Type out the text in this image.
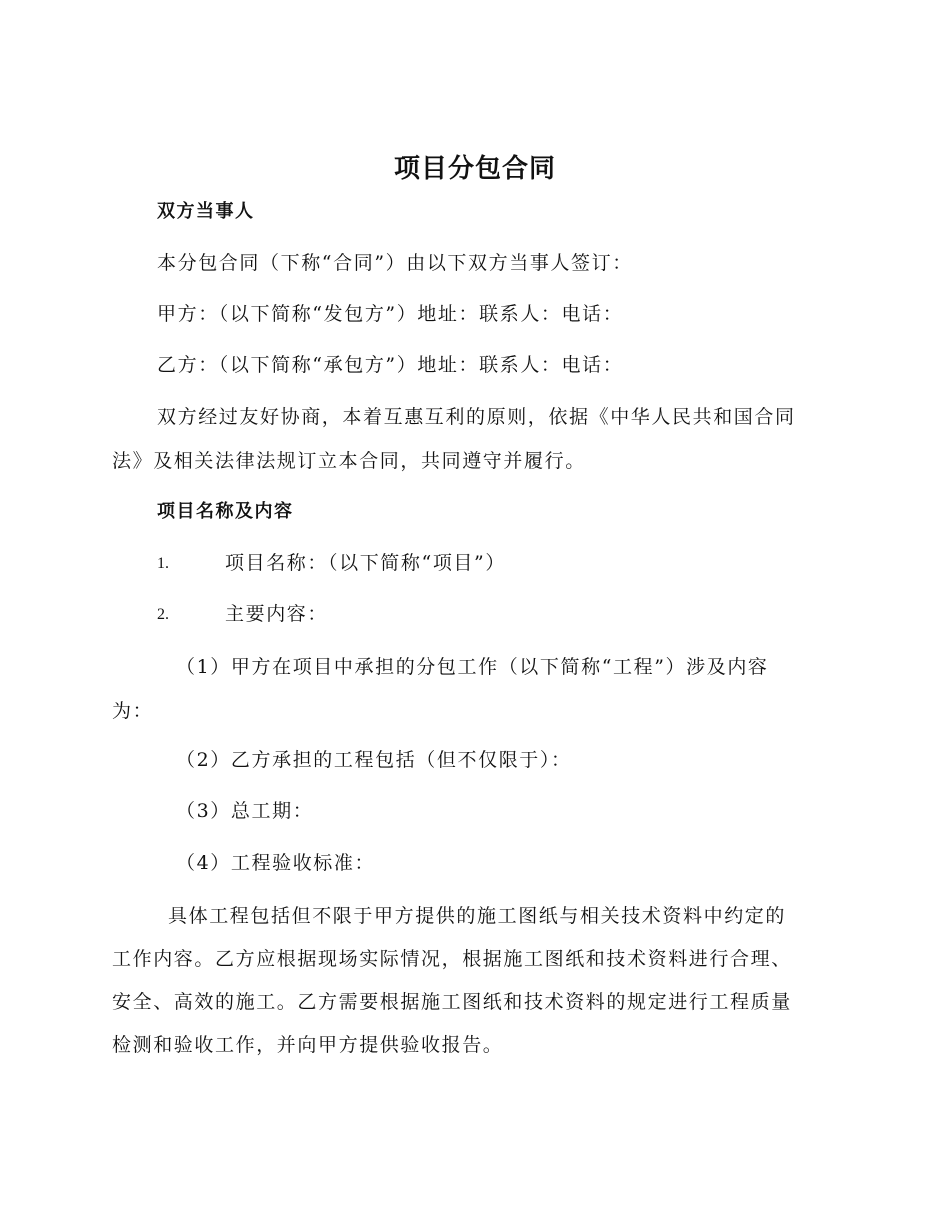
项目分包合同
双方当事人
本分包合同（下称“合同”）由以下双方当事人签订：
甲方：（以下简称“发包方”）地址：联系人：电话：
乙方：（以下简称“承包方”）地址：联系人：电话：
双方经过友好协商，本着互惠互利的原则，依据《中华人民共和国合同
法》及相关法律法规订立本合同，共同遵守并履行。
项目名称及内容
1.	项目名称：（以下简称“项目”）
2.	主要内容：
（1）甲方在项目中承担的分包工作（以下简称“工程”）涉及内容
为：
（2）乙方承担的工程包括（但不仅限于）：
（3）总工期：
（4）工程验收标准：
具体工程包括但不限于甲方提供的施工图纸与相关技术资料中约定的
工作内容。乙方应根据现场实际情况，根据施工图纸和技术资料进行合理、
安全、高效的施工。乙方需要根据施工图纸和技术资料的规定进行工程质量
检测和验收工作，并向甲方提供验收报告。
